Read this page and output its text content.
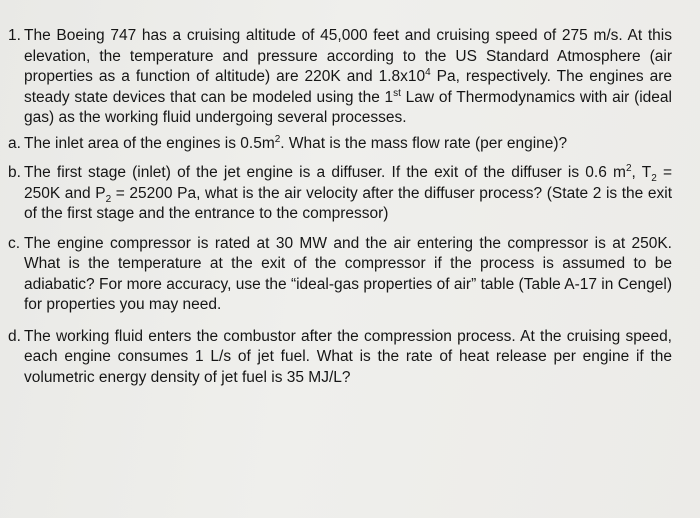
1. The Boeing 747 has a cruising altitude of 45,000 feet and cruising speed of 275 m/s. At this elevation, the temperature and pressure according to the US Standard Atmosphere (air properties as a function of altitude) are 220K and $1.8x10^4$ Pa, respectively. The engines are steady state devices that can be modeled using the 1st Law of Thermodynamics with air (ideal gas) as the working fluid undergoing several processes.

a. The inlet area of the engines is $0.5m^2$. What is the mass flow rate (per engine)?
b. The first stage (inlet) of the jet engine is a diffuser. If the exit of the diffuser is 0.6 $m^2$, $T_2 = 250K$ and $P_2 = 25200$ Pa, what is the air velocity after the diffuser process? (State 2 is the exit of the first stage and the entrance to the compressor)
c. The engine compressor is rated at 30 MW and the air entering the compressor is at 250K. What is the temperature at the exit of the compressor if the process is assumed to be adiabatic? For more accuracy, use the “ideal-gas properties of air” table (Table A-17 in Cengel) for properties you may need.
d. The working fluid enters the combustor after the compression process. At the cruising speed, each engine consumes 1 L/s of jet fuel. What is the rate of heat release per engine if the volumetric energy density of jet fuel is 35 MJ/L?
